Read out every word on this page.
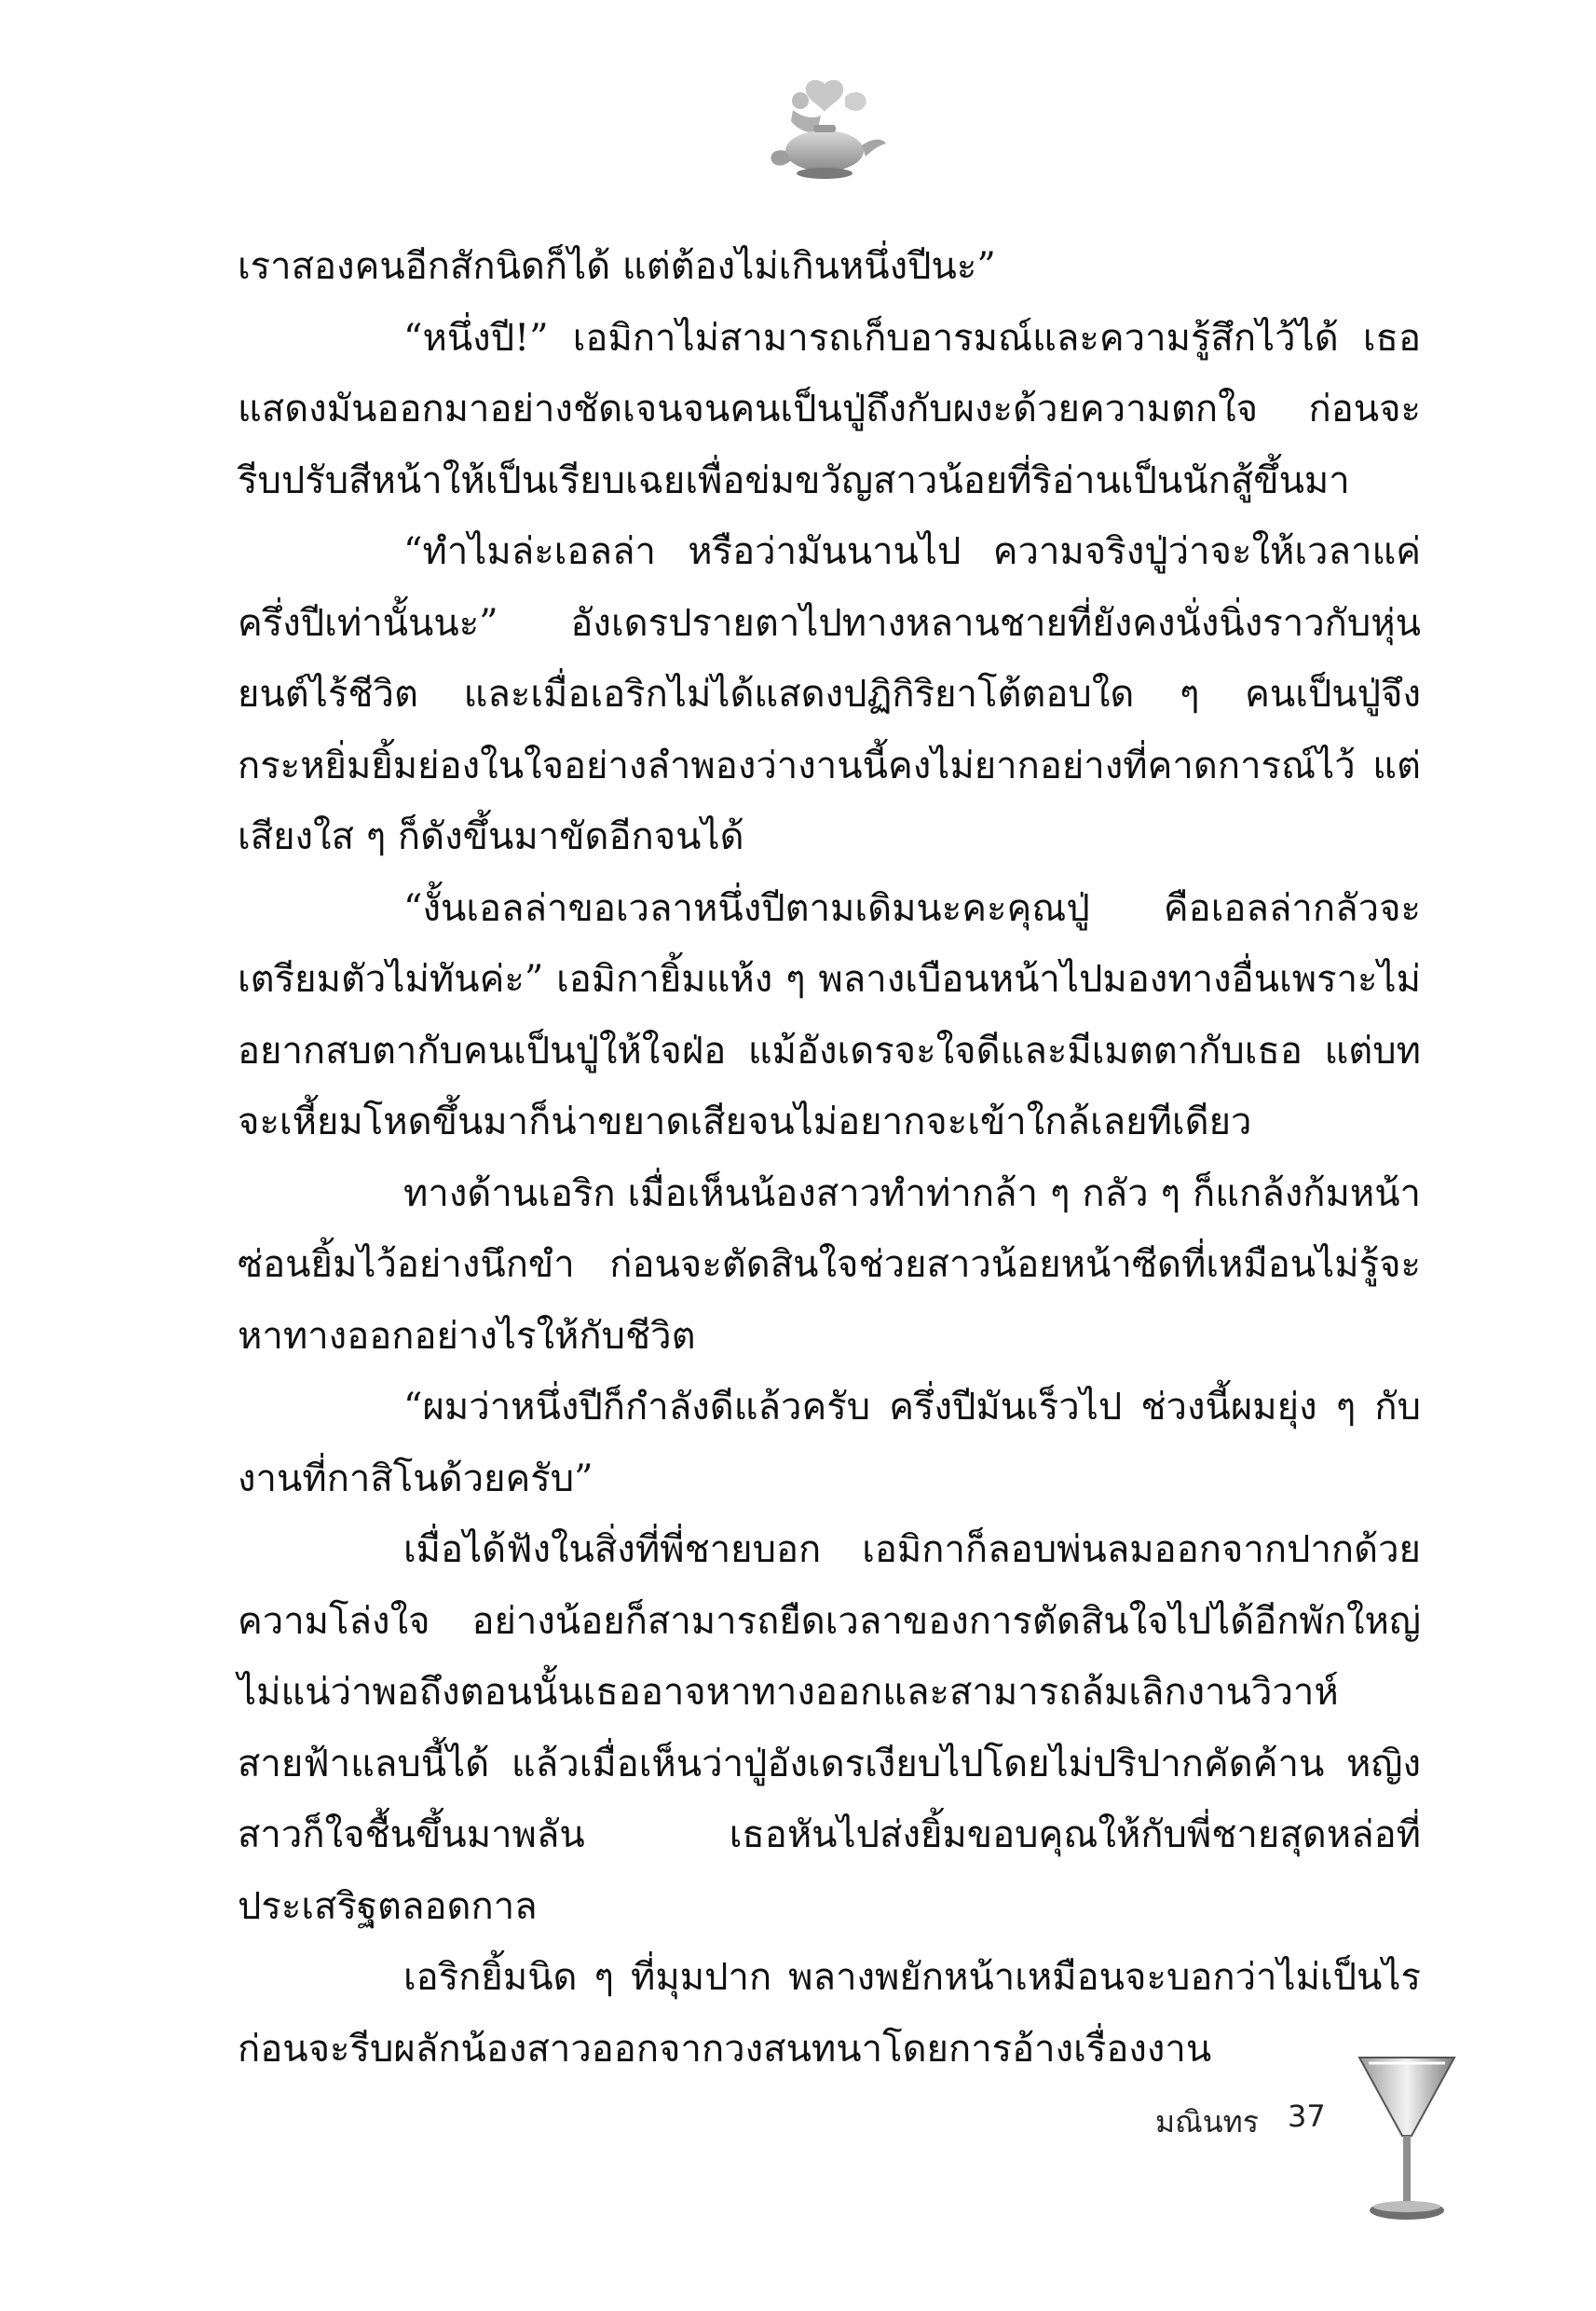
เราสองคนอีกสักนิดก็ได้ แต่ต้องไม่เกินหนึ่งปีนะ”

“หนึ่งปี!” เอมิกาไม่สามารถเก็บอารมณ์และความรู้สึกไว้ได้ เธอแสดงมันออกมาอย่างชัดเจนจนคนเป็นปู่ถึงกับผงะด้วยความตกใจ ก่อนจะรีบปรับสีหน้าให้เป็นเรียบเฉยเพื่อข่มขวัญสาวน้อยที่ริอ่านเป็นนักสู้ขึ้นมา

“ทำไมล่ะเอลล่า หรือว่ามันนานไป ความจริงปู่ว่าจะให้เวลาแค่ครึ่งปีเท่านั้นนะ” อังเดรปรายตาไปทางหลานชายที่ยังคงนั่งนิ่งราวกับหุ่นยนต์ไร้ชีวิต และเมื่อเอริกไม่ได้แสดงปฏิกิริยาโต้ตอบใด ๆ คนเป็นปู่จึงกระหยิ่มยิ้มย่องในใจอย่างลำพองว่างานนี้คงไม่ยากอย่างที่คาดการณ์ไว้ แต่เสียงใส ๆ ก็ดังขึ้นมาขัดอีกจนได้

“งั้นเอลล่าขอเวลาหนึ่งปีตามเดิมนะคะคุณปู่ คือเอลล่ากลัวจะเตรียมตัวไม่ทันค่ะ” เอมิกายิ้มแห้ง ๆ พลางเบือนหน้าไปมองทางอื่นเพราะไม่อยากสบตากับคนเป็นปู่ให้ใจฝ่อ แม้อังเดรจะใจดีและมีเมตตากับเธอ แต่บทจะเหี้ยมโหดขึ้นมาก็น่าขยาดเสียจนไม่อยากจะเข้าใกล้เลยทีเดียว

ทางด้านเอริก เมื่อเห็นน้องสาวทำท่ากล้า ๆ กลัว ๆ ก็แกล้งก้มหน้าซ่อนยิ้มไว้อย่างนึกขำ ก่อนจะตัดสินใจช่วยสาวน้อยหน้าซีดที่เหมือนไม่รู้จะหาทางออกอย่างไรให้กับชีวิต

“ผมว่าหนึ่งปีก็กำลังดีแล้วครับ ครึ่งปีมันเร็วไป ช่วงนี้ผมยุ่ง ๆ กับงานที่กาสิโนด้วยครับ”

เมื่อได้ฟังในสิ่งที่พี่ชายบอก เอมิกาก็ลอบพ่นลมออกจากปากด้วยความโล่งใจ อย่างน้อยก็สามารถยืดเวลาของการตัดสินใจไปได้อีกพักใหญ่ ไม่แน่ว่าพอถึงตอนนั้นเธออาจหาทางออกและสามารถล้มเลิกงานวิวาห์สายฟ้าแลบนี้ได้ แล้วเมื่อเห็นว่าปู่อังเดรเงียบไปโดยไม่ปริปากคัดค้าน หญิงสาวก็ใจชื้นขึ้นมาพลัน เธอหันไปส่งยิ้มขอบคุณให้กับพี่ชายสุดหล่อที่ประเสริฐตลอดกาล

เอริกยิ้มนิด ๆ ที่มุมปาก พลางพยักหน้าเหมือนจะบอกว่าไม่เป็นไร ก่อนจะรีบผลักน้องสาวออกจากวงสนทนาโดยการอ้างเรื่องงาน

มณินทร 37
